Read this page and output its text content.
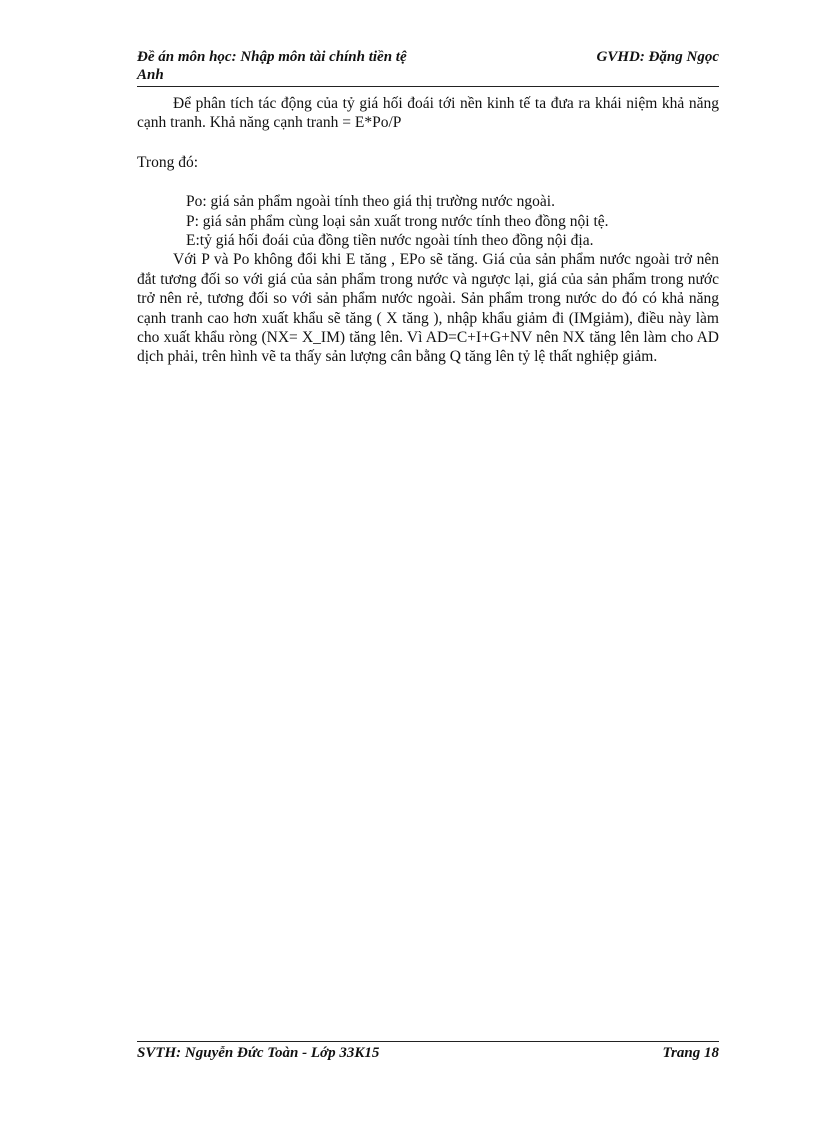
Đề án môn học: Nhập môn tài chính tiền tệ	GVHD: Đặng Ngọc
Anh

Để phân tích tác động của tỷ giá hối đoái tới nền kinh tế ta đưa ra khái niệm khả năng cạnh tranh. Khả năng cạnh tranh = E*Po/P

Trong đó:

Po: giá sản phẩm ngoài tính theo giá thị trường nước ngoài.

P: giá sản phẩm cùng loại sản xuất trong nước tính theo đồng nội tệ.

E:tỷ giá hối đoái của đồng tiền nước ngoài tính theo đồng nội địa.

Với P và Po không đổi khi E tăng , EPo sẽ tăng. Giá của sản phẩm nước ngoài trở nên đắt tương đối so với giá của sản phẩm trong nước và ngược lại, giá của sản phẩm trong nước trở nên rẻ, tương đối so với sản phẩm nước ngoài. Sản phẩm trong nước do đó có khả năng cạnh tranh cao hơn xuất khẩu sẽ tăng ( X tăng ), nhập khẩu giảm đi (IMgiảm), điều này làm cho xuất khẩu ròng (NX= X_IM) tăng lên. Vì AD=C+I+G+NV nên NX tăng lên làm cho AD dịch phải, trên hình vẽ ta thấy sản lượng cân bằng Q tăng lên tỷ lệ thất nghiệp giảm.

SVTH: Nguyễn Đức Toàn - Lớp 33K15	Trang 18
